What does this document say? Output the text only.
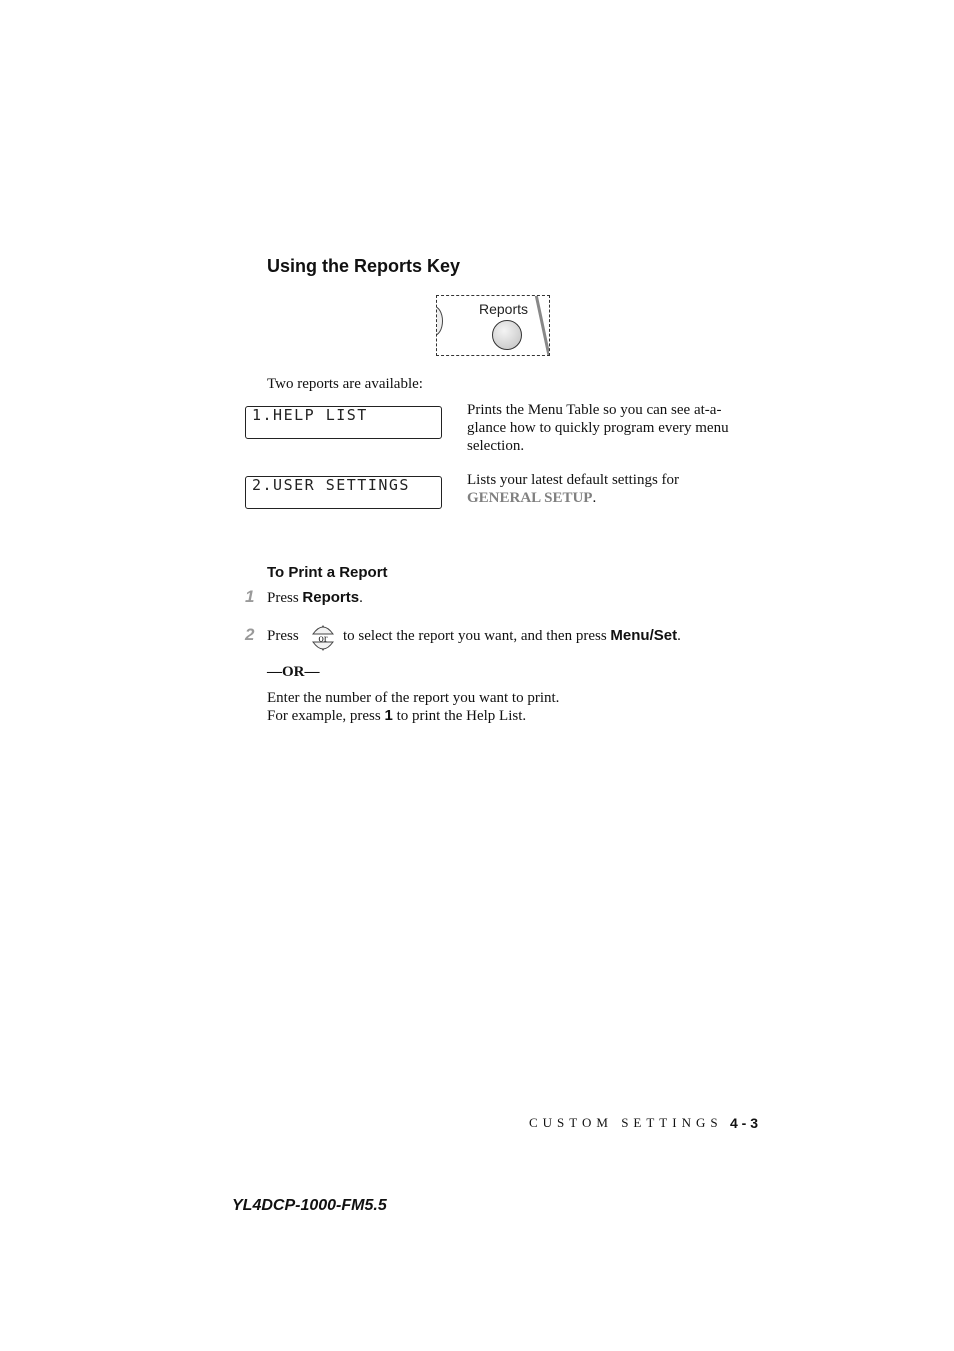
Using the Reports Key
Reports
Two reports are available:
1.HELP LIST	Prints the Menu Table so you can see at-a-glance how to quickly program every menu selection.
2.USER SETTINGS	Lists your latest default settings for GENERAL SETUP.
To Print a Report
1 Press Reports.
2 Press or to select the report you want, and then press Menu/Set.
—OR—
Enter the number of the report you want to print.
For example, press 1 to print the Help List.
CUSTOM SETTINGS 4 - 3
YL4DCP-1000-FM5.5
